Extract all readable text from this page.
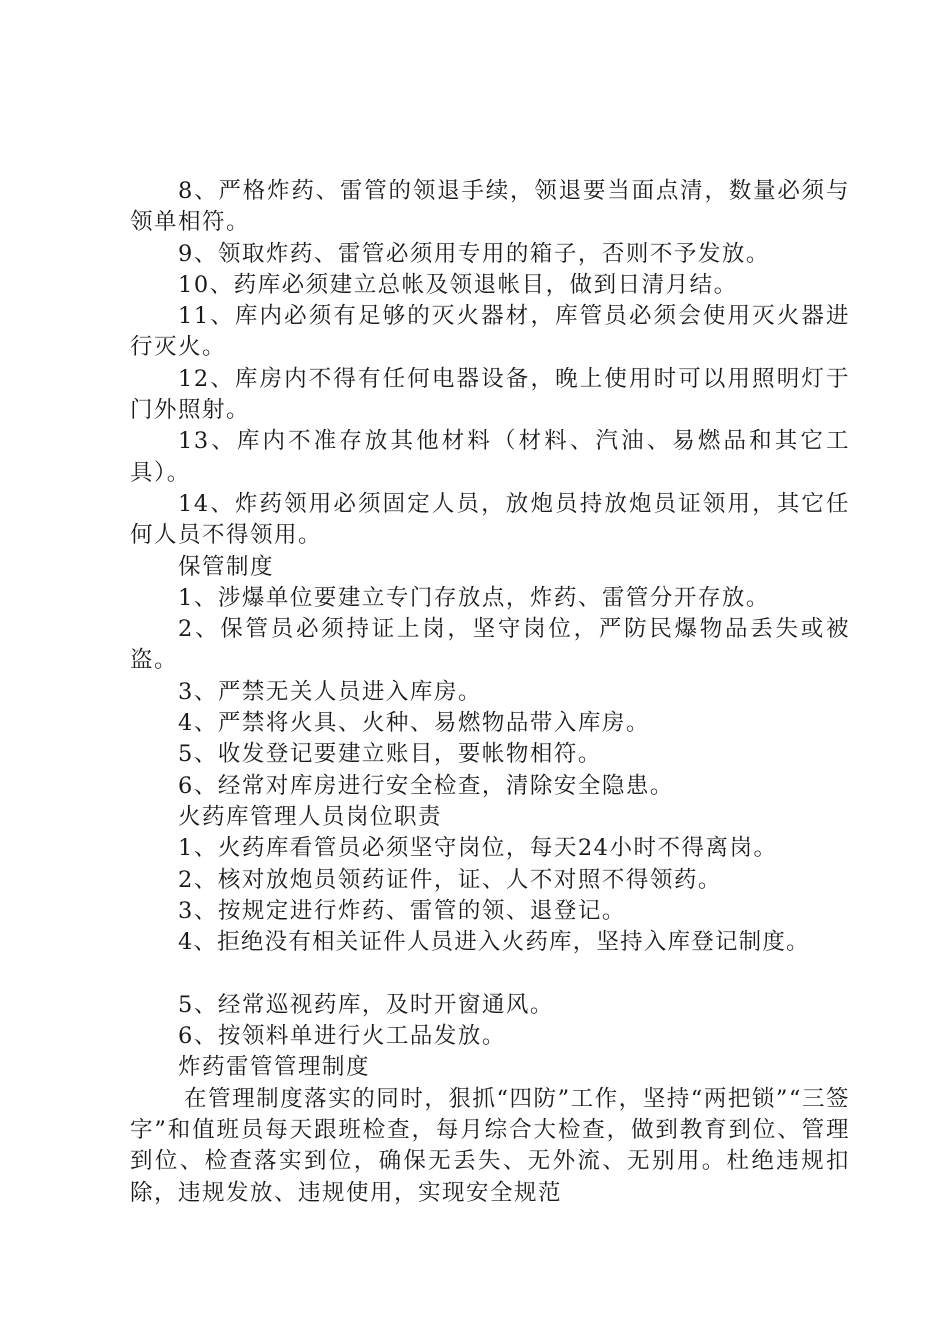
8、严格炸药、雷管的领退手续，领退要当面点清，数量必须与领单相符。

9、领取炸药、雷管必须用专用的箱子，否则不予发放。

10、药库必须建立总帐及领退帐目，做到日清月结。

11、库内必须有足够的灭火器材，库管员必须会使用灭火器进行灭火。

12、库房内不得有任何电器设备，晚上使用时可以用照明灯于门外照射。

13、库内不准存放其他材料（材料、汽油、易燃品和其它工具）。

14、炸药领用必须固定人员，放炮员持放炮员证领用，其它任何人员不得领用。

保管制度

1、涉爆单位要建立专门存放点，炸药、雷管分开存放。

2、保管员必须持证上岗，坚守岗位，严防民爆物品丢失或被盗。

3、严禁无关人员进入库房。

4、严禁将火具、火种、易燃物品带入库房。

5、收发登记要建立账目，要帐物相符。

6、经常对库房进行安全检查，清除安全隐患。

火药库管理人员岗位职责

1、火药库看管员必须坚守岗位，每天24小时不得离岗。

2、核对放炮员领药证件，证、人不对照不得领药。

3、按规定进行炸药、雷管的领、退登记。

4、拒绝没有相关证件人员进入火药库，坚持入库登记制度。

5、经常巡视药库，及时开窗通风。

6、按领料单进行火工品发放。

炸药雷管管理制度

在管理制度落实的同时，狠抓“四防”工作，坚持“两把锁”“三签字”和值班员每天跟班检查，每月综合大检查，做到教育到位、管理到位、检查落实到位，确保无丢失、无外流、无别用。杜绝违规扣除，违规发放、违规使用，实现安全规范
